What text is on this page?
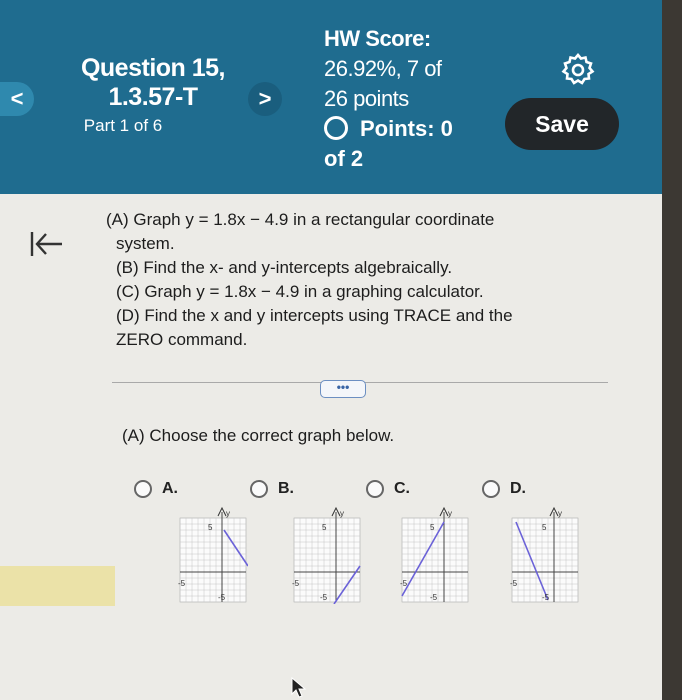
<
Question 15,
1.3.57-T
Part 1 of 6
>
HW Score:
26.92%, 7 of
26 points
Points: 0
of 2
Save
(A) Graph y = 1.8x − 4.9 in a rectangular coordinate
system.
(B) Find the x- and y-intercepts algebraically.
(C) Graph y = 1.8x − 4.9 in a graphing calculator.
(D) Find the x and y intercepts using TRACE and the
ZERO command.
•••
(A) Choose the correct graph below.
A.	B.	C.	D.
y
5
-5
-5
y
5
-5
-5
y
5
-5
-5
y
5
-5
-5
